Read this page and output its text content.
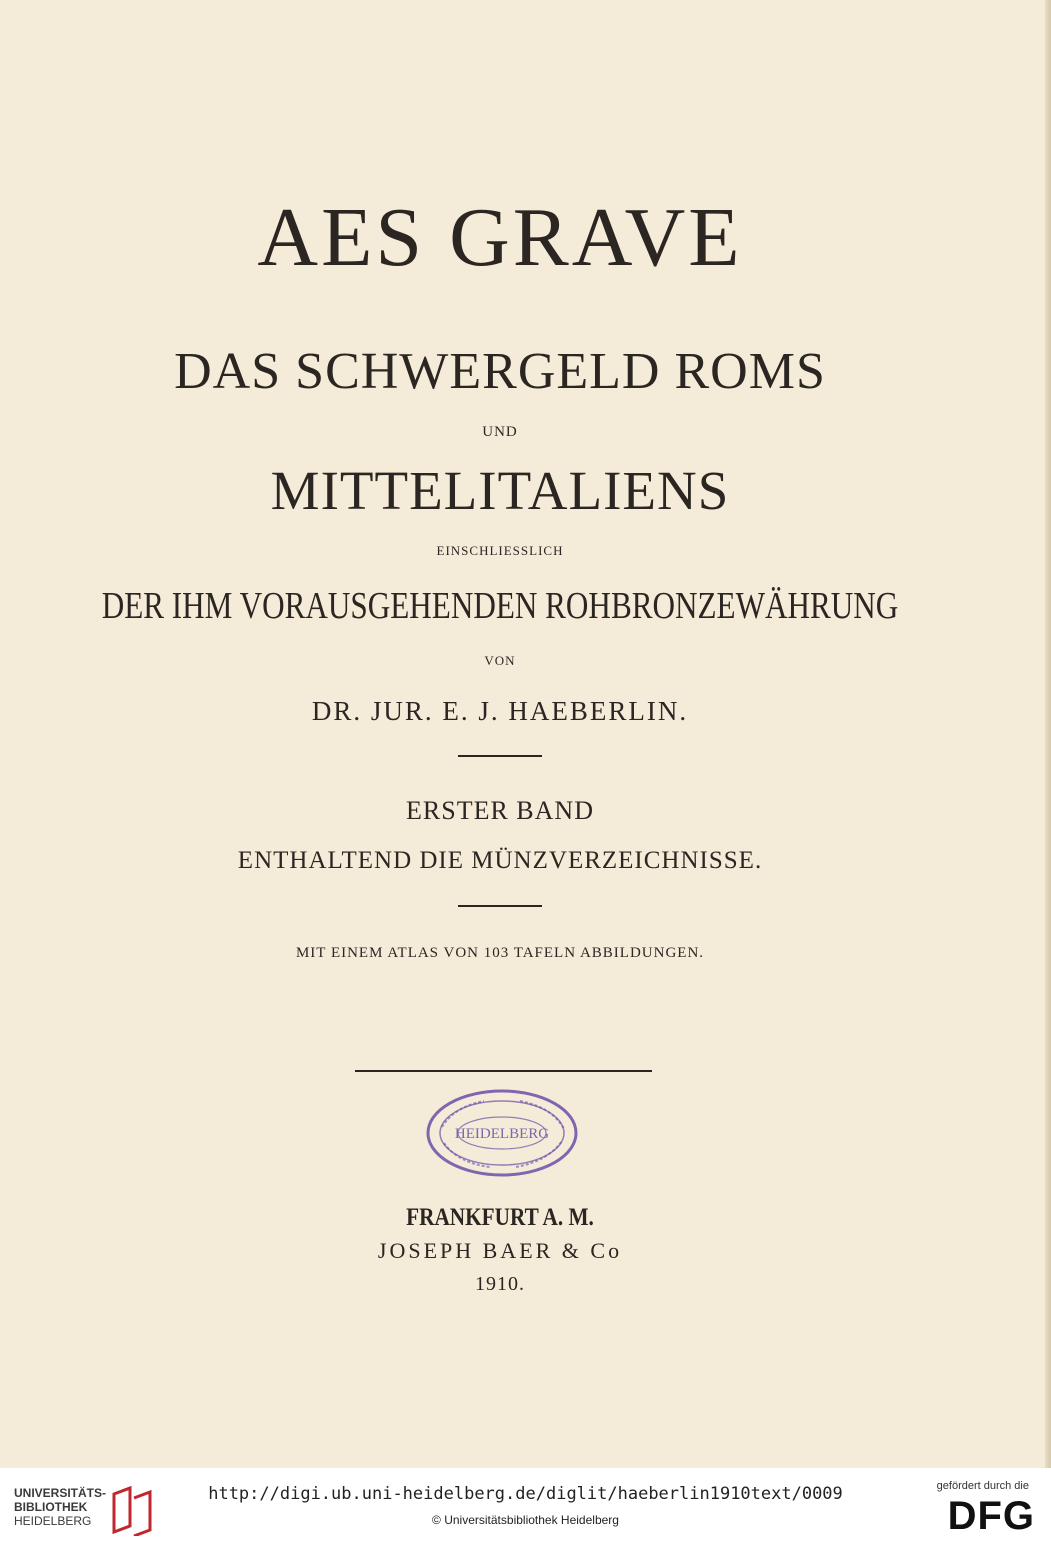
AES GRAVE
DAS SCHWERGELD ROMS
UND
MITTELITALIENS
EINSCHLIESSLICH
DER IHM VORAUSGEHENDEN ROHBRONZEWÄHRUNG
VON
DR. JUR. E. J. HAEBERLIN.
ERSTER BAND
ENTHALTEND DIE MÜNZVERZEICHNISSE.
MIT EINEM ATLAS VON 103 TAFELN ABBILDUNGEN.
HEIDELBERG
FRANKFURT A. M.
JOSEPH BAER & Co
1910.
UNIVERSITÄTS-
BIBLIOTHEK
HEIDELBERG
http://digi.ub.uni-heidelberg.de/diglit/haeberlin1910text/0009
© Universitätsbibliothek Heidelberg
gefördert durch die
DFG
